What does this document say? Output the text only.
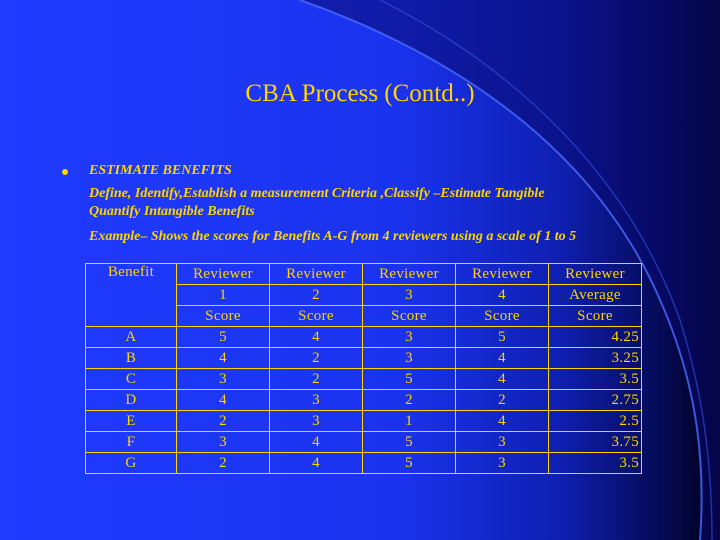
CBA Process (Contd..)
ESTIMATE BENEFITS
Define, Identify,Establish a measurement Criteria ,Classify –Estimate Tangible
Quantify Intangible Benefits
Example– Shows the scores for Benefits A-G from 4 reviewers using a scale of 1 to 5
Benefit	Reviewer	Reviewer	Reviewer	Reviewer	Reviewer
	1	2	3	4	Average
	Score	Score	Score	Score	Score
A	5	4	3	5	4.25
B	4	2	3	4	3.25
C	3	2	5	4	3.5
D	4	3	2	2	2.75
E	2	3	1	4	2.5
F	3	4	5	3	3.75
G	2	4	5	3	3.5
